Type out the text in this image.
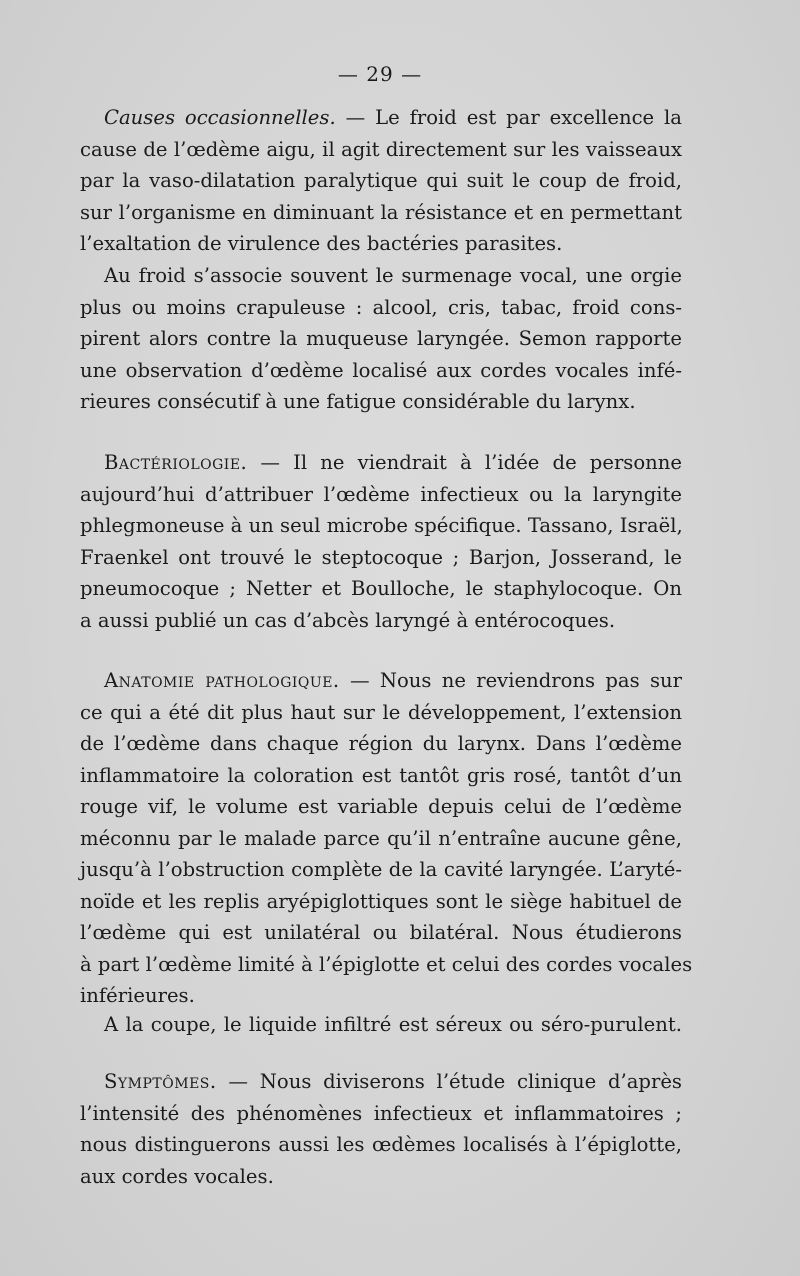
— 29 —
Causes occasionnelles. — Le froid est par excellence la
cause de l’œdème aigu, il agit directement sur les vaisseaux
par la vaso-dilatation paralytique qui suit le coup de froid,
sur l’organisme en diminuant la résistance et en permettant
l’exaltation de virulence des bactéries parasites.
Au froid s’associe souvent le surmenage vocal, une orgie
plus ou moins crapuleuse : alcool, cris, tabac, froid cons-
pirent alors contre la muqueuse laryngée. Semon rapporte
une observation d’œdème localisé aux cordes vocales infé-
rieures consécutif à une fatigue considérable du larynx.
Bactériologie. — Il ne viendrait à l’idée de personne
aujourd’hui d’attribuer l’œdème infectieux ou la laryngite
phlegmoneuse à un seul microbe spécifique. Tassano, Israël,
Fraenkel ont trouvé le steptocoque ; Barjon, Josserand, le
pneumocoque ; Netter et Boulloche, le staphylocoque. On
a aussi publié un cas d’abcès laryngé à entérocoques.
Anatomie pathologique. — Nous ne reviendrons pas sur
ce qui a été dit plus haut sur le développement, l’extension
de l’œdème dans chaque région du larynx. Dans l’œdème
inflammatoire la coloration est tantôt gris rosé, tantôt d’un
rouge vif, le volume est variable depuis celui de l’œdème
méconnu par le malade parce qu’il n’entraîne aucune gêne,
jusqu’à l’obstruction complète de la cavité laryngée. L’aryté-
noïde et les replis aryépiglottiques sont le siège habituel de
l’œdème qui est unilatéral ou bilatéral. Nous étudierons
à part l’œdème limité à l’épiglotte et celui des cordes vocales
inférieures.
A la coupe, le liquide infiltré est séreux ou séro-purulent.
Symptômes. — Nous diviserons l’étude clinique d’après
l’intensité des phénomènes infectieux et inflammatoires ;
nous distinguerons aussi les œdèmes localisés à l’épiglotte,
aux cordes vocales.
